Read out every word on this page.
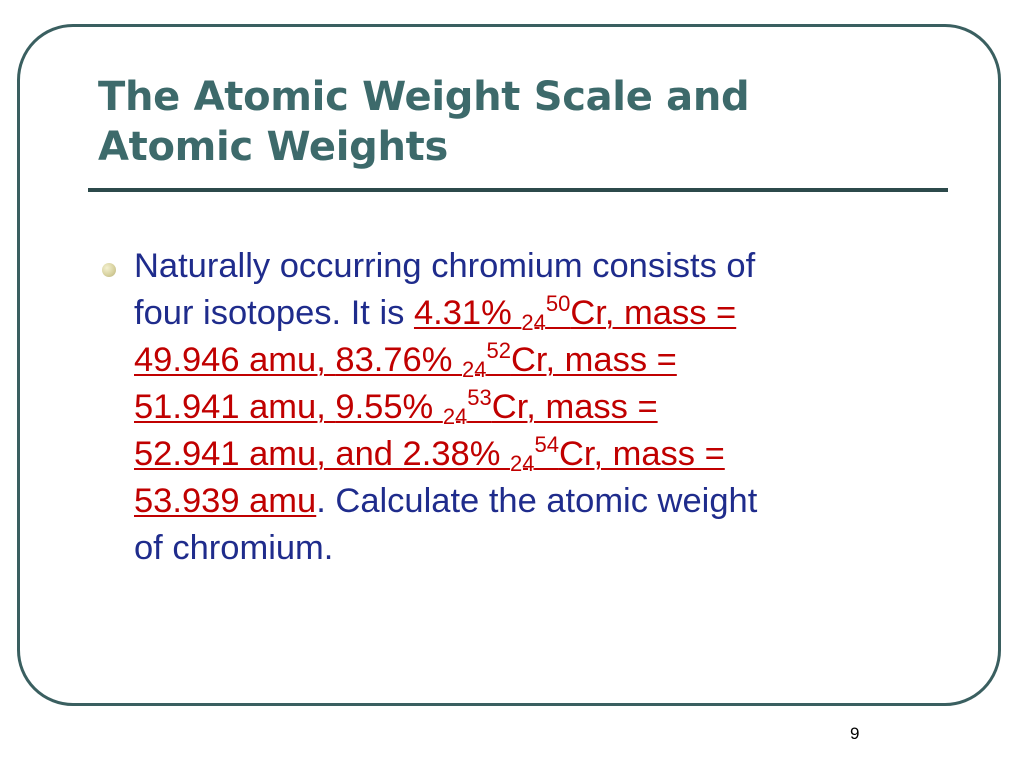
The Atomic Weight Scale and
Atomic Weights

Naturally occurring chromium consists of
four isotopes. It is 4.31% $_{24}^{50}$Cr, mass =
49.946 amu, 83.76% $_{24}^{52}$Cr, mass =
51.941 amu, 9.55% $_{24}^{53}$Cr, mass =
52.941 amu, and 2.38% $_{24}^{54}$Cr, mass =
53.939 amu. Calculate the atomic weight
of chromium.

9
